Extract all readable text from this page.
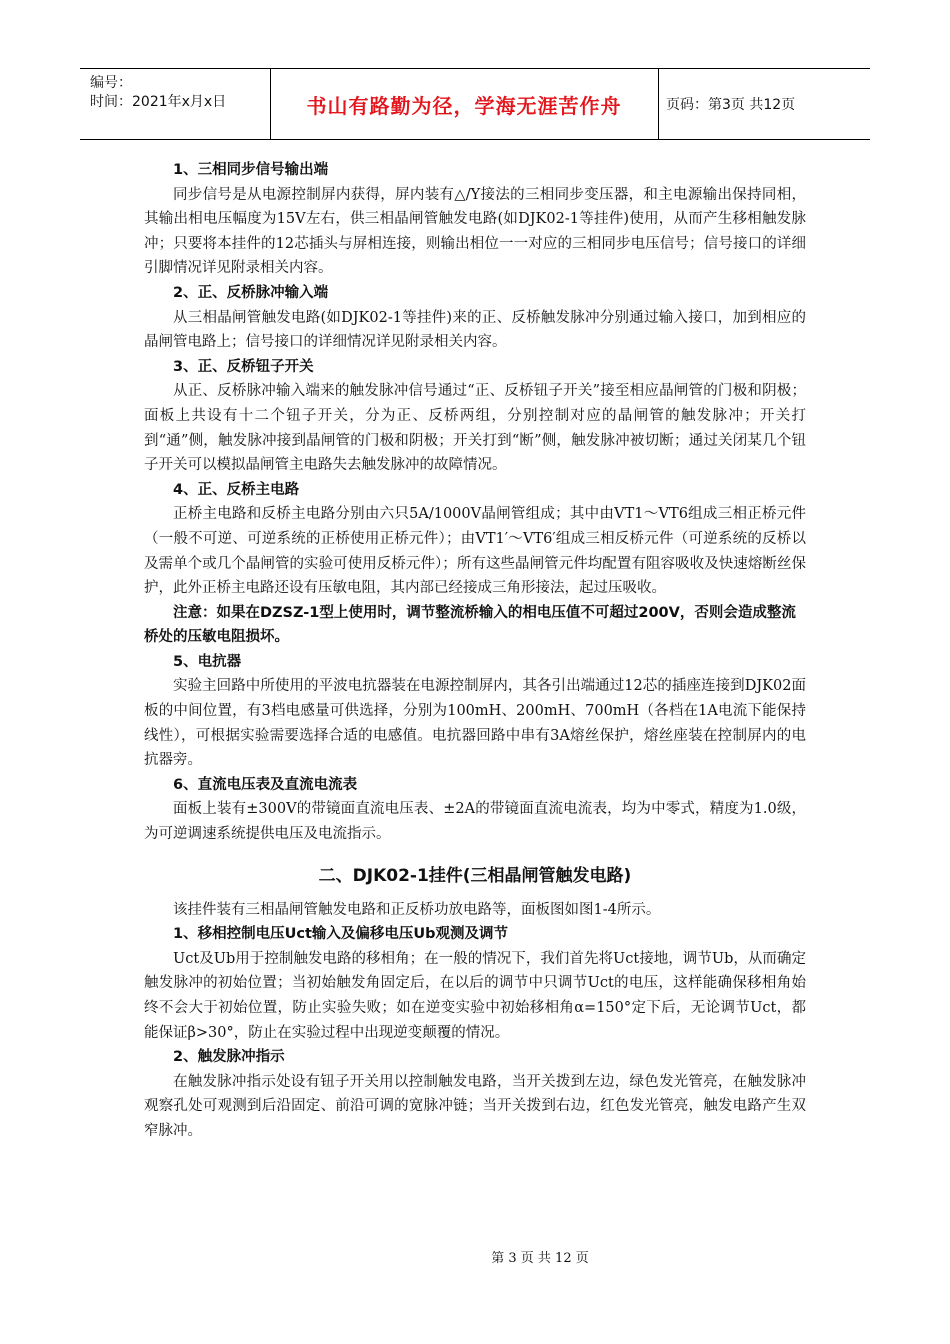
编号：
时间：2021年x月x日	书山有路勤为径，学海无涯苦作舟	页码：第3页 共12页
1、三相同步信号输出端

同步信号是从电源控制屏内获得，屏内装有△/Y接法的三相同步变压器，和主电源输出保持同相，其输出相电压幅度为15V左右，供三相晶闸管触发电路(如DJK02-1等挂件)使用，从而产生移相触发脉冲；只要将本挂件的12芯插头与屏相连接，则输出相位一一对应的三相同步电压信号；信号接口的详细引脚情况详见附录相关内容。

2、正、反桥脉冲输入端

从三相晶闸管触发电路(如DJK02-1等挂件)来的正、反桥触发脉冲分别通过输入接口，加到相应的晶闸管电路上；信号接口的详细情况详见附录相关内容。

3、正、反桥钮子开关

从正、反桥脉冲输入端来的触发脉冲信号通过“正、反桥钮子开关”接至相应晶闸管的门极和阴极；面板上共设有十二个钮子开关，分为正、反桥两组，分别控制对应的晶闸管的触发脉冲；开关打到“通”侧，触发脉冲接到晶闸管的门极和阴极；开关打到“断”侧，触发脉冲被切断；通过关闭某几个钮子开关可以模拟晶闸管主电路失去触发脉冲的故障情况。

4、正、反桥主电路

正桥主电路和反桥主电路分别由六只5A/1000V晶闸管组成；其中由VT1～VT6组成三相正桥元件（一般不可逆、可逆系统的正桥使用正桥元件）；由VT1′～VT6′组成三相反桥元件（可逆系统的反桥以及需单个或几个晶闸管的实验可使用反桥元件）；所有这些晶闸管元件均配置有阻容吸收及快速熔断丝保护，此外正桥主电路还设有压敏电阻，其内部已经接成三角形接法，起过压吸收。

注意：如果在DZSZ-1型上使用时，调节整流桥输入的相电压值不可超过200V，否则会造成整流桥处的压敏电阻损坏。

5、电抗器

实验主回路中所使用的平波电抗器装在电源控制屏内，其各引出端通过12芯的插座连接到DJK02面板的中间位置，有3档电感量可供选择，分别为100mH、200mH、700mH（各档在1A电流下能保持线性），可根据实验需要选择合适的电感值。电抗器回路中串有3A熔丝保护，熔丝座装在控制屏内的电抗器旁。

6、直流电压表及直流电流表

面板上装有±300V的带镜面直流电压表、±2A的带镜面直流电流表，均为中零式，精度为1.0级，为可逆调速系统提供电压及电流指示。

二、DJK02-1挂件(三相晶闸管触发电路)

该挂件装有三相晶闸管触发电路和正反桥功放电路等，面板图如图1-4所示。

1、移相控制电压Uct输入及偏移电压Ub观测及调节

Uct及Ub用于控制触发电路的移相角；在一般的情况下，我们首先将Uct接地，调节Ub，从而确定触发脉冲的初始位置；当初始触发角固定后，在以后的调节中只调节Uct的电压，这样能确保移相角始终不会大于初始位置，防止实验失败；如在逆变实验中初始移相角α=150°定下后，无论调节Uct，都能保证β>30°，防止在实验过程中出现逆变颠覆的情况。

2、触发脉冲指示

在触发脉冲指示处设有钮子开关用以控制触发电路，当开关拨到左边，绿色发光管亮，在触发脉冲观察孔处可观测到后沿固定、前沿可调的宽脉冲链；当开关拨到右边，红色发光管亮，触发电路产生双窄脉冲。

第 3 页 共 12 页
